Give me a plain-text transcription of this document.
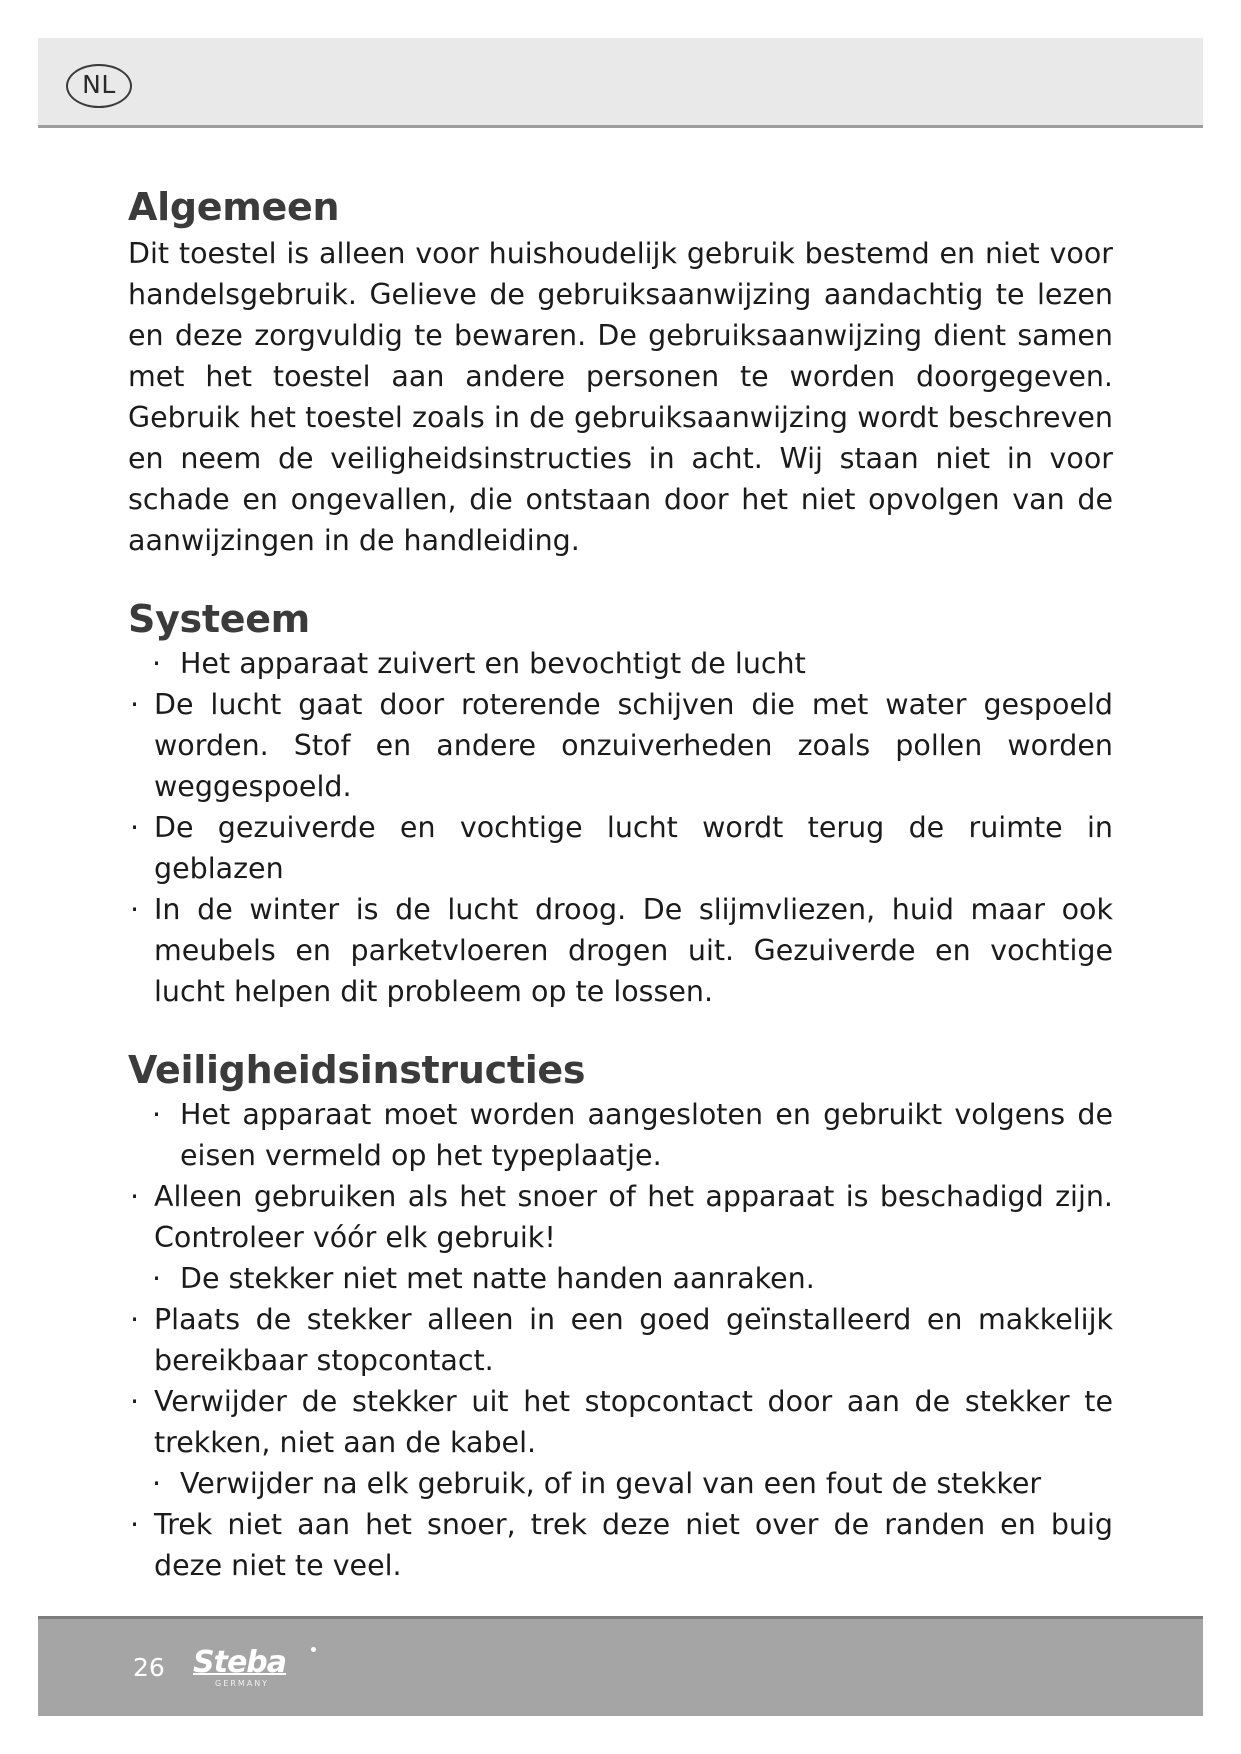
NL
Algemeen

Dit toestel is alleen voor huishoudelijk gebruik bestemd en niet voor handelsgebruik. Gelieve de gebruiksaanwijzing aandachtig te lezen en deze zorgvuldig te bewaren. De gebruiksaanwijzing dient samen met het toestel aan andere personen te worden doorgegeven. Gebruik het toestel zoals in de gebruiksaanwijzing wordt beschreven en neem de veiligheidsinstructies in acht. Wij staan niet in voor schade en ongevallen, die ontstaan door het niet opvolgen van de aanwijzingen in de handleiding.

Systeem
· Het apparaat zuivert en bevochtigt de lucht
· De lucht gaat door roterende schijven die met water gespoeld worden. Stof en andere onzuiverheden zoals pollen worden weggespoeld.
· De gezuiverde en vochtige lucht wordt terug de ruimte in geblazen
· In de winter is de lucht droog. De slijmvliezen, huid maar ook meubels en parketvloeren drogen uit. Gezuiverde en vochtige lucht helpen dit probleem op te lossen.
Veiligheidsinstructies
· Het apparaat moet worden aangesloten en gebruikt volgens de eisen vermeld op het typeplaatje.
· Alleen gebruiken als het snoer of het apparaat is beschadigd zijn. Controleer vóór elk gebruik!
· De stekker niet met natte handen aanraken.
· Plaats de stekker alleen in een goed geïnstalleerd en makkelijk bereikbaar stopcontact.
· Verwijder de stekker uit het stopcontact door aan de stekker te trekken, niet aan de kabel.
· Verwijder na elk gebruik, of in geval van een fout de stekker
· Trek niet aan het snoer, trek deze niet over de randen en buig deze niet te veel.
26 Steba
GERMANY
